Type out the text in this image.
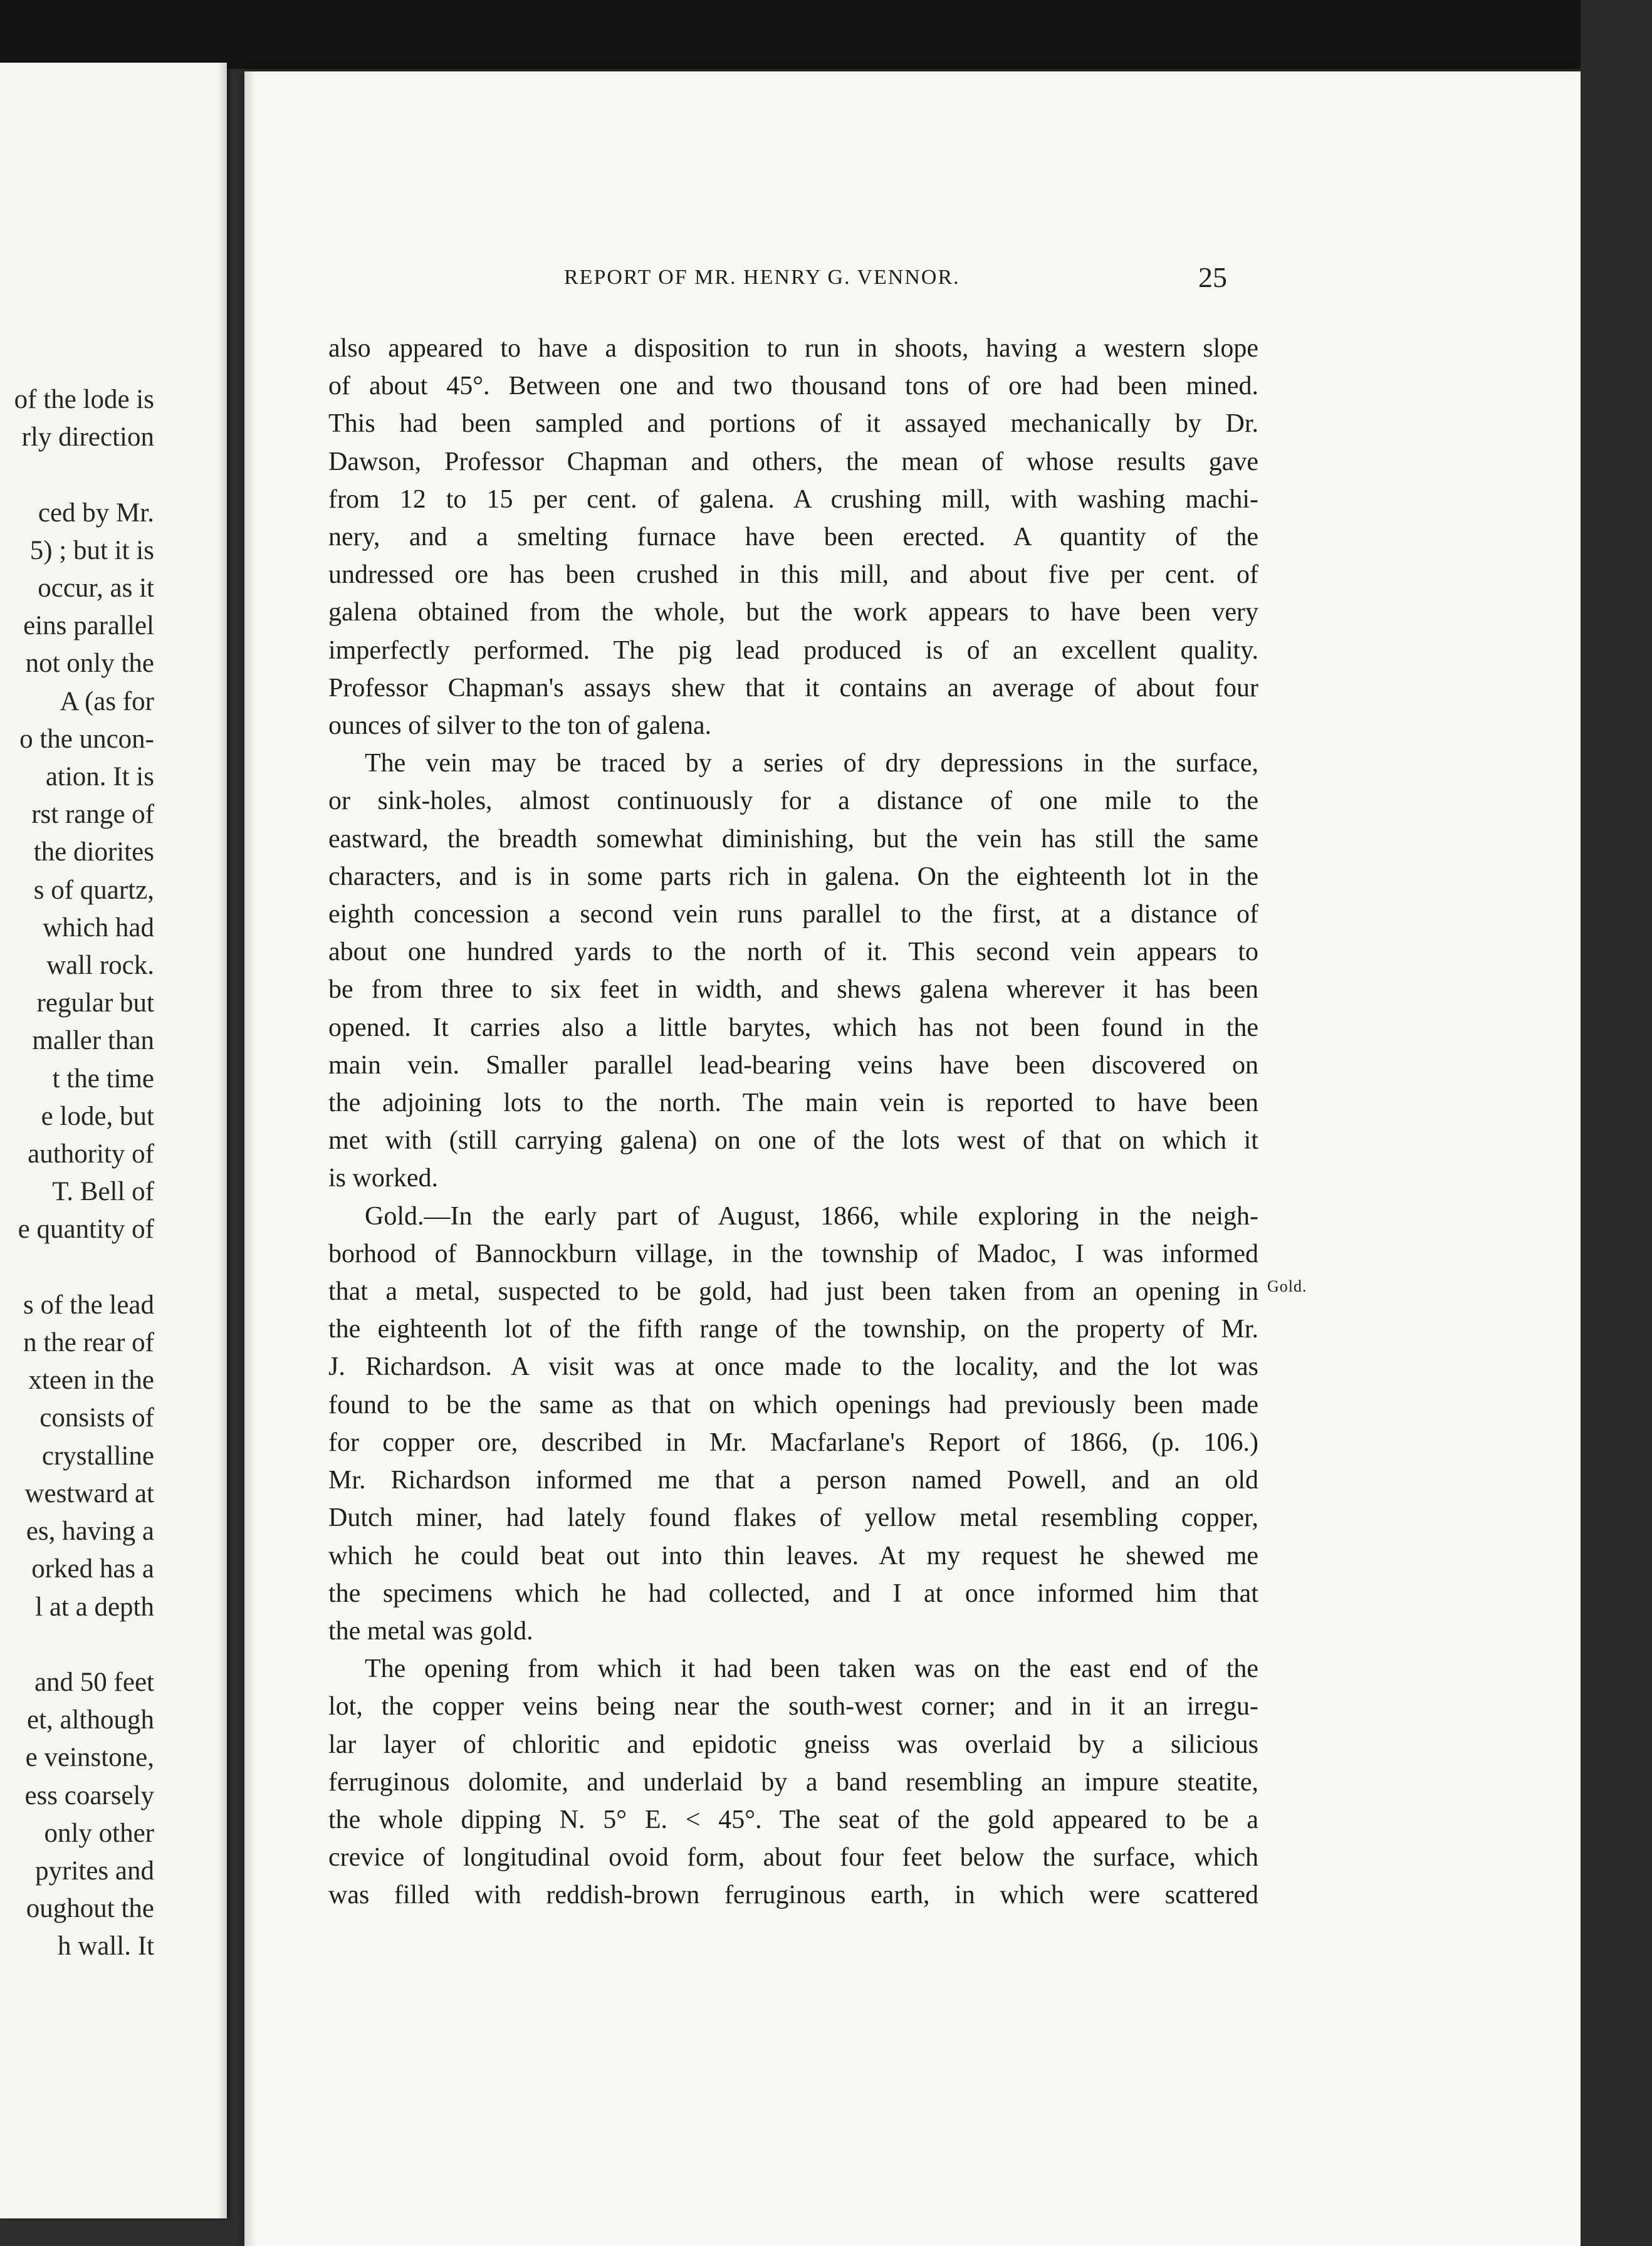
of the lode is
rly direction

ced by Mr.
5) ; but it is
occur, as it
eins parallel
not only the
A (as for
o the uncon-
ation. It is
rst range of
the diorites
s of quartz,
which had
wall rock.
regular but
maller than
t the time
e lode, but
authority of
T. Bell of
e quantity of

s of the lead
n the rear of
xteen in the
consists of
crystalline
westward at
es, having a
orked has a
l at a depth

and 50 feet
et, although
e veinstone,
ess coarsely
only other
pyrites and
oughout the
h wall. It
REPORT OF MR. HENRY G. VENNOR.	25
also appeared to have a disposition to run in shoots, having a western slope
of about 45°. Between one and two thousand tons of ore had been mined.
This had been sampled and portions of it assayed mechanically by Dr.
Dawson, Professor Chapman and others, the mean of whose results gave
from 12 to 15 per cent. of galena. A crushing mill, with washing machi-
nery, and a smelting furnace have been erected. A quantity of the
undressed ore has been crushed in this mill, and about five per cent. of
galena obtained from the whole, but the work appears to have been very
imperfectly performed. The pig lead produced is of an excellent quality.
Professor Chapman's assays shew that it contains an average of about four
ounces of silver to the ton of galena.
The vein may be traced by a series of dry depressions in the surface,
or sink-holes, almost continuously for a distance of one mile to the
eastward, the breadth somewhat diminishing, but the vein has still the same
characters, and is in some parts rich in galena. On the eighteenth lot in the
eighth concession a second vein runs parallel to the first, at a distance of
about one hundred yards to the north of it. This second vein appears to
be from three to six feet in width, and shews galena wherever it has been
opened. It carries also a little barytes, which has not been found in the
main vein. Smaller parallel lead-bearing veins have been discovered on
the adjoining lots to the north. The main vein is reported to have been
met with (still carrying galena) on one of the lots west of that on which it
is worked.
Gold.—In the early part of August, 1866, while exploring in the neigh-
borhood of Bannockburn village, in the township of Madoc, I was informed
that a metal, suspected to be gold, had just been taken from an opening in
the eighteenth lot of the fifth range of the township, on the property of Mr.
J. Richardson. A visit was at once made to the locality, and the lot was
found to be the same as that on which openings had previously been made
for copper ore, described in Mr. Macfarlane's Report of 1866, (p. 106.)
Mr. Richardson informed me that a person named Powell, and an old
Dutch miner, had lately found flakes of yellow metal resembling copper,
which he could beat out into thin leaves. At my request he shewed me
the specimens which he had collected, and I at once informed him that
the metal was gold.
The opening from which it had been taken was on the east end of the
lot, the copper veins being near the south-west corner; and in it an irregu-
lar layer of chloritic and epidotic gneiss was overlaid by a silicious
ferruginous dolomite, and underlaid by a band resembling an impure steatite,
the whole dipping N. 5° E. < 45°. The seat of the gold appeared to be a
crevice of longitudinal ovoid form, about four feet below the surface, which
was filled with reddish-brown ferruginous earth, in which were scattered
Gold.
